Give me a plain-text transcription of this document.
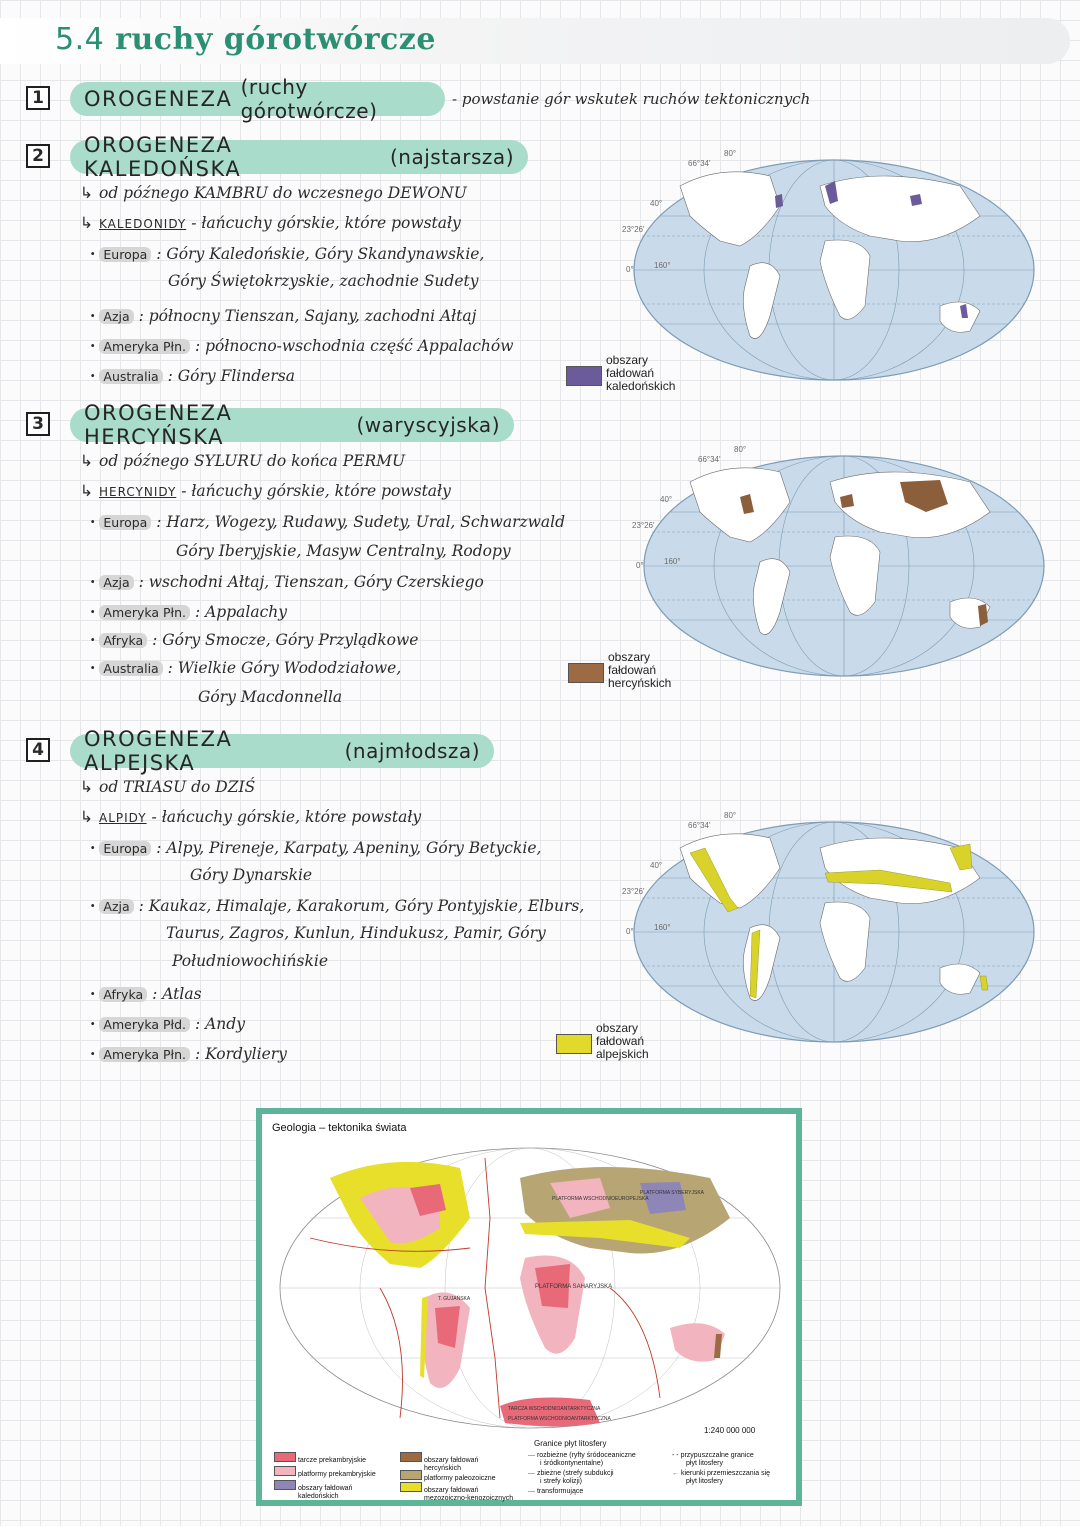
5.4 ruchy górotwórcze
1 OROGENEZA
(ruchy górotwórcze)	- powstanie gór wskutek ruchów tektonicznych
2 OROGENEZA KALEDOŃSKA
	(najstarsza)
↳ od późnego KAMBRU do wczesnego DEWONU
↳ KALEDONIDY - łańcuchy górskie, które powstały
· Europa : Góry Kaledońskie, Góry Skandynawskie,
Góry Świętokrzyskie, zachodnie Sudety
· Azja : północny Tienszan, Sajany, zachodni Ałtaj
· Ameryka Płn. : północno-wschodnia część Appalachów
· Australia : Góry Flindersa
obszary
fałdowań
kaledońskich
3 OROGENEZA HERCYŃSKA
	(waryscyjska)
↳ od późnego SYLURU do końca PERMU
↳ HERCYNIDY - łańcuchy górskie, które powstały
· Europa : Harz, Wogezy, Rudawy, Sudety, Ural, Schwarzwald
Góry Iberyjskie, Masyw Centralny, Rodopy
· Azja : wschodni Ałtaj, Tienszan, Góry Czerskiego
· Ameryka Płn. : Appalachy
· Afryka : Góry Smocze, Góry Przylądkowe
· Australia : Wielkie Góry Wododziałowe,
Góry Macdonnella
obszary
fałdowań
hercyńskich
4 OROGENEZA ALPEJSKA
	(najmłodsza)
↳ od TRIASU do DZIŚ
↳ ALPIDY - łańcuchy górskie, które powstały
· Europa : Alpy, Pireneje, Karpaty, Apeniny, Góry Betyckie,
Góry Dynarskie
· Azja : Kaukaz, Himalaje, Karakorum, Góry Pontyjskie, Elburs,
Taurus, Zagros, Kunlun, Hindukusz, Pamir, Góry
Południowochińskie
· Afryka : Atlas
· Ameryka Płd. : Andy
· Ameryka Płn. : Kordyliery
obszary
fałdowań
alpejskich
66°34'
40°
23°26'
0°	160°
80°
66°34'
40°
23°26'
0°	160°
80°
66°34'
40°
23°26'
0°	160°
80°
Geologia – tektonika świata
PLATFORMA SAHARYJSKA
PLATFORMA SYBERYJSKA
PLATFORMA WSCHODNIOEUROPEJSKA
PLATFORMA WSCHODNIOANTARKTYCZNA
TARCZA WSCHODNIOANTARKTYCZNA
T. GUJAŃSKA
1:240 000 000
Granice płyt litosfery
tarcze prekambryjskie
platformy prekambryjskie
obszary fałdowań
kaledońskich
obszary fałdowań
hercyńskich
platformy paleozoiczne
obszary fałdowań
mezozoiczno-kenozoicznych
— rozbieżne (ryfty śródoceaniczne
i śródkontynentalne)
— zbieżne (strefy subdukcji
i strefy kolizji)
— transformujące
- - przypuszczalne granice
płyt litosfery
← kierunki przemieszczania się
płyt litosfery
